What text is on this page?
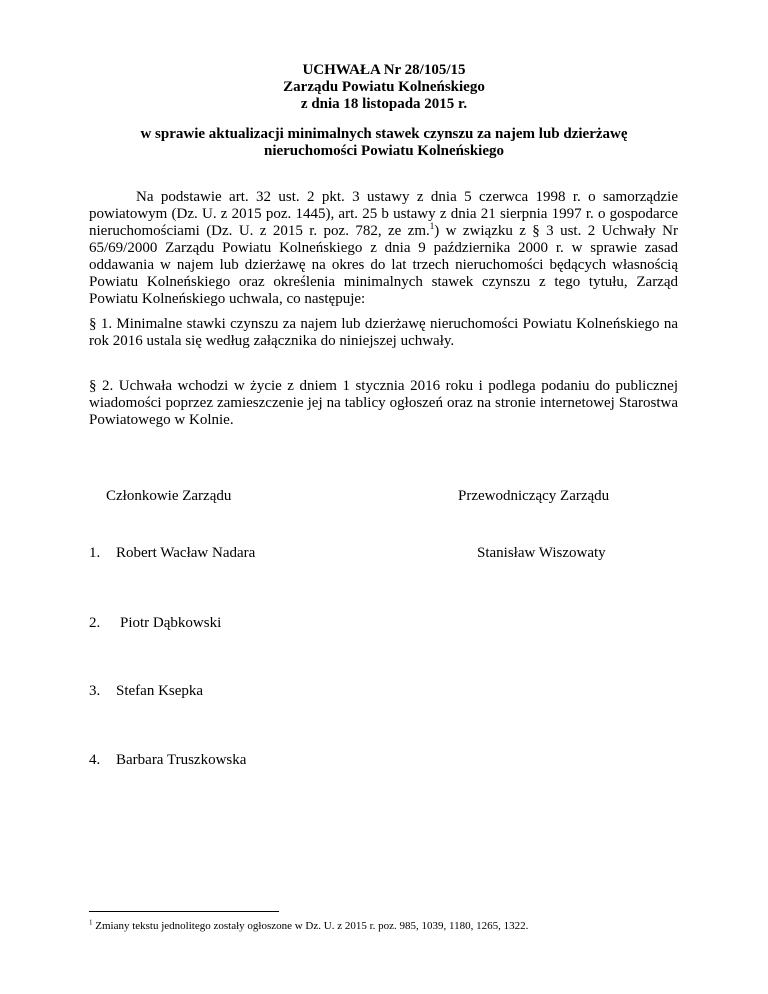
UCHWAŁA Nr 28/105/15
Zarządu Powiatu Kolneńskiego
z dnia 18 listopada 2015 r.
w sprawie aktualizacji minimalnych stawek czynszu za najem lub dzierżawę
nieruchomości Powiatu Kolneńskiego

Na podstawie art. 32 ust. 2 pkt. 3 ustawy z dnia 5 czerwca 1998 r. o samorządzie powiatowym (Dz. U. z 2015 poz. 1445), art. 25 b ustawy z dnia 21 sierpnia 1997 r. o gospodarce nieruchomościami (Dz. U. z 2015 r. poz. 782, ze zm.$^1$) w związku z § 3 ust. 2 Uchwały Nr 65/69/2000 Zarządu Powiatu Kolneńskiego z dnia 9 października 2000 r. w sprawie zasad oddawania w najem lub dzierżawę na okres do lat trzech nieruchomości będących własnością Powiatu Kolneńskiego oraz określenia minimalnych stawek czynszu z tego tytułu, Zarząd Powiatu Kolneńskiego uchwala, co następuje:

§ 1. Minimalne stawki czynszu za najem lub dzierżawę nieruchomości Powiatu Kolneńskiego na rok 2016 ustala się według załącznika do niniejszej uchwały.

§ 2. Uchwała wchodzi w życie z dniem 1 stycznia 2016 roku i podlega podaniu do publicznej wiadomości poprzez zamieszczenie jej na tablicy ogłoszeń oraz na stronie internetowej Starostwa Powiatowego w Kolnie.

Członkowie Zarządu	Przewodniczący Zarządu
Stanisław Wiszowaty
1. Robert Wacław Nadara
2. Piotr Dąbkowski
3. Stefan Ksepka
4. Barbara Truszkowska
$^1$ Zmiany tekstu jednolitego zostały ogłoszone w Dz. U. z 2015 r. poz. 985, 1039, 1180, 1265, 1322.
